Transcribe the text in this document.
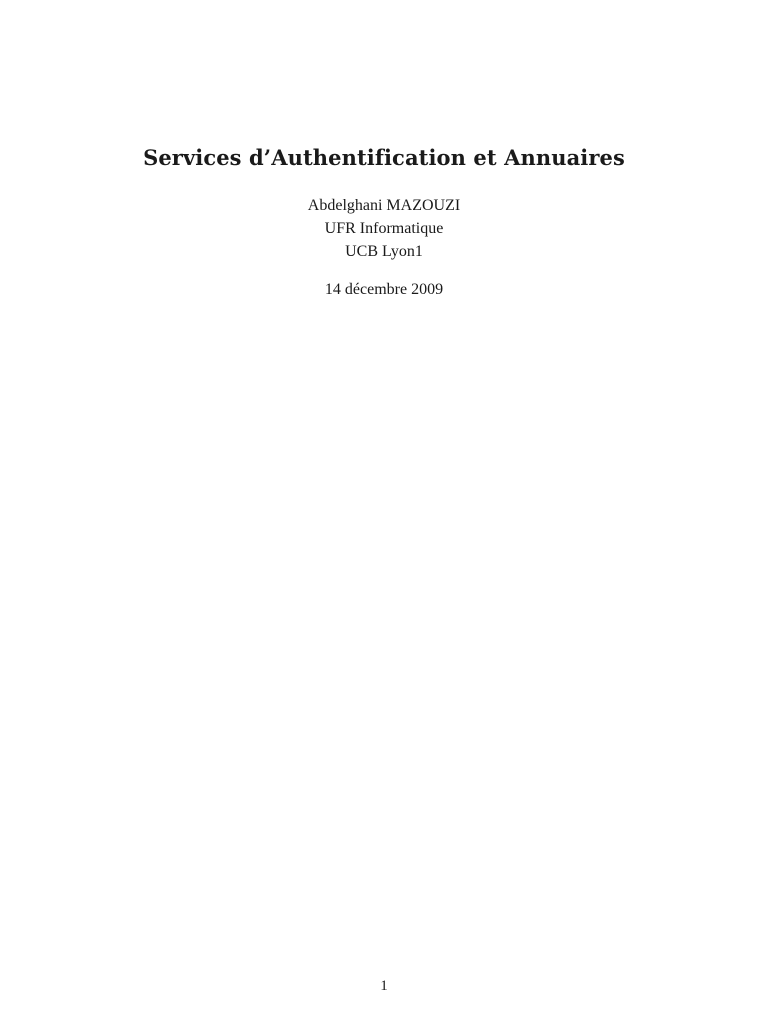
Services d’Authentification et Annuaires
Abdelghani MAZOUZI
UFR Informatique
UCB Lyon1
14 décembre 2009
1
